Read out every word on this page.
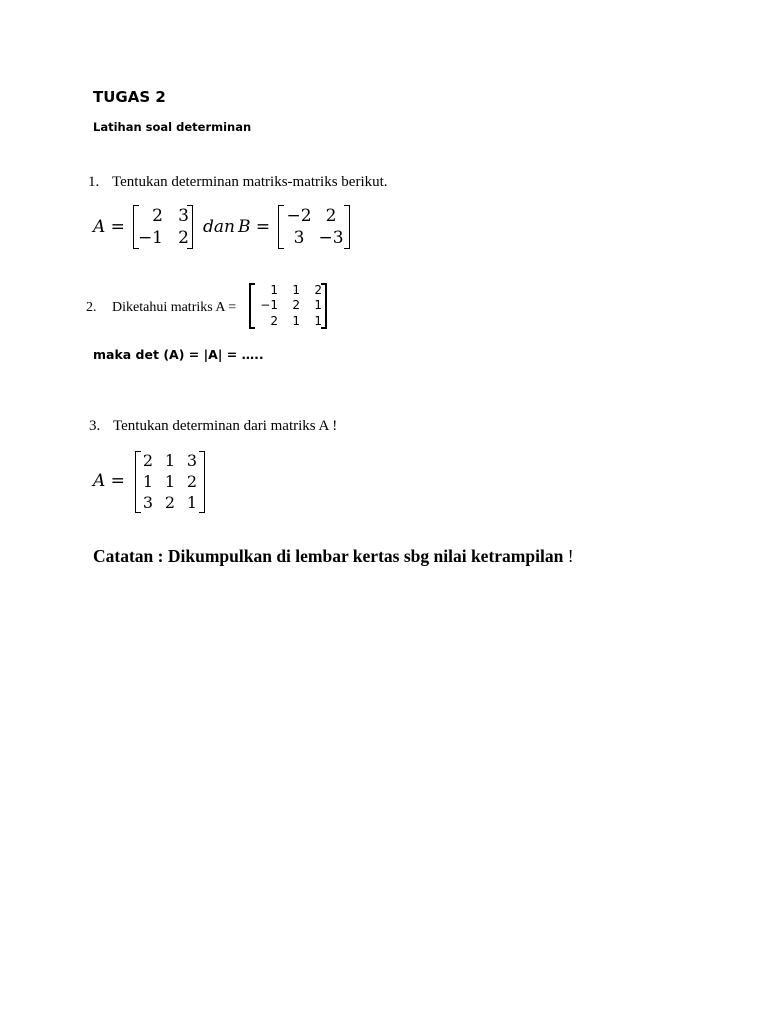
TUGAS 2
Latihan soal determinan
1. Tentukan determinan matriks-matriks berikut.
A =
2 3
−1 2
dan B =
−2 2
3 −3
2. Diketahui matriks A =
1	1	2
−1	2	1
2	1	1
maka det (A) = |A| = …..
3. Tentukan determinan dari matriks A !
A =
2 1 3
1 1 2
3 2 1
Catatan : Dikumpulkan di lembar kertas sbg nilai ketrampilan !
